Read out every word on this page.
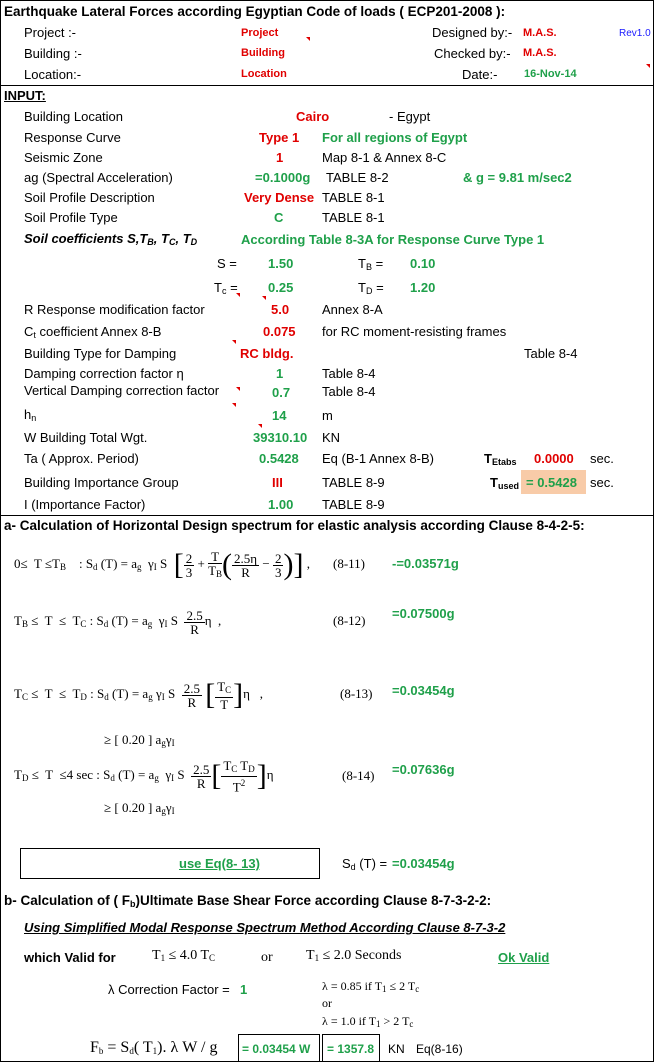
Earthquake Lateral Forces according Egyptian Code of loads ( ECP201-2008 ):
Project :-	Project
Building :-	Building
Location:-	Location
Designed by:- M.A.S.
Checked by:- M.A.S.
Date:- 16-Nov-14
Rev1.0
INPUT:
Building Location	Cairo	- Egypt
Response Curve	Type 1 For all regions of Egypt
Seismic Zone	1	Map 8-1 & Annex 8-C
ag (Spectral Acceleration)	=0.1000g TABLE 8-2	& g = 9.81 m/sec2
Soil Profile Description	Very Dense TABLE 8-1
Soil Profile Type	C	TABLE 8-1
Soil coefficients $S,T_B$, $T_C$, $T_D$	According Table 8-3A for Response Curve Type 1
S = 1.50	$T_B = 0.10$
$T_c = 0.25$	$T_D = 1.20$
R Response modification factor	5.0	Annex 8-A
$C_t$ coefficient Annex 8-B	0.075 for RC moment-resisting frames
Building Type for Damping	RC bldg.	Table 8-4
Damping correction factor η	1	Table 8-4
Vertical Damping correction factor	0.7 Table 8-4
$h_n$	14	m
W Building Total Wgt.	39310.10 KN
Ta ( Approx. Period)	0.5428 Eq (B-1 Annex 8-B)	$T_{Etabs}$ 0.0000 sec.
Building Importance Group	III	TABLE 8-9	$T_{used} = 0.5428$ sec.
I (Importance Factor)	1.00 TABLE 8-9
a- Calculation of Horizontal Design spectrum for elastic analysis according Clause 8-4-2-5:
$0\le T \le T_B$    : $S_d$ $(T) = a_g$  $\gamma_I$ S  [ $\frac{2}{3} + \frac{T}{T_B}$ ( $\frac{2.5\eta}{R} - \frac{2}{3}$ )] , (8-11) -=0.03571g
$T_B \le T \le T_C$ : $S_d$ $(T) = a_g$  $\gamma_I$ S $\frac{2.5}{R}$ η  ,	(8-12) =0.07500g
$T_C \le T \le T_D$ : $S_d$ $(T) = a_g$ $\gamma_I$ S $\frac{2.5}{R}$ [ $\frac{T_C}{T} ]\eta$   ,	(8-13) =0.03454g
≥ [ 0.20 ] $a_g\gamma_I$
$T_D \le T \le 4$ sec : $S_d$ $(T) = a_g$  $\gamma_I$ S $\frac{2.5}{R}$ [ $\frac{T_C T_D}{T^2} ]\eta$	(8-14) =0.07636g
≥ [ 0.20 ] $a_g\gamma_I$
use Eq(8- 13)	$S_d$ (T) = =0.03454g
b- Calculation of ( $F_b)Ultimate$ Base Shear Force according Clause 8-7-3-2-2:
Using Simplified Modal Response Spectrum Method According Clause 8-7-3-2
which Valid for	$T_1 \le 4.0$ $T_C$	or $T_1 \le 2.0$ Seconds	Ok Valid
λ Correction Factor = 1	λ = 0.85 if $T_1 \le 2$ $T_c$
or
λ = 1.0 if $T_1 > 2$ $T_c$
$F_b = S_d$( $T_1$). λ W / g = 0.03454 W = 1357.8 KN Eq(8-16)
